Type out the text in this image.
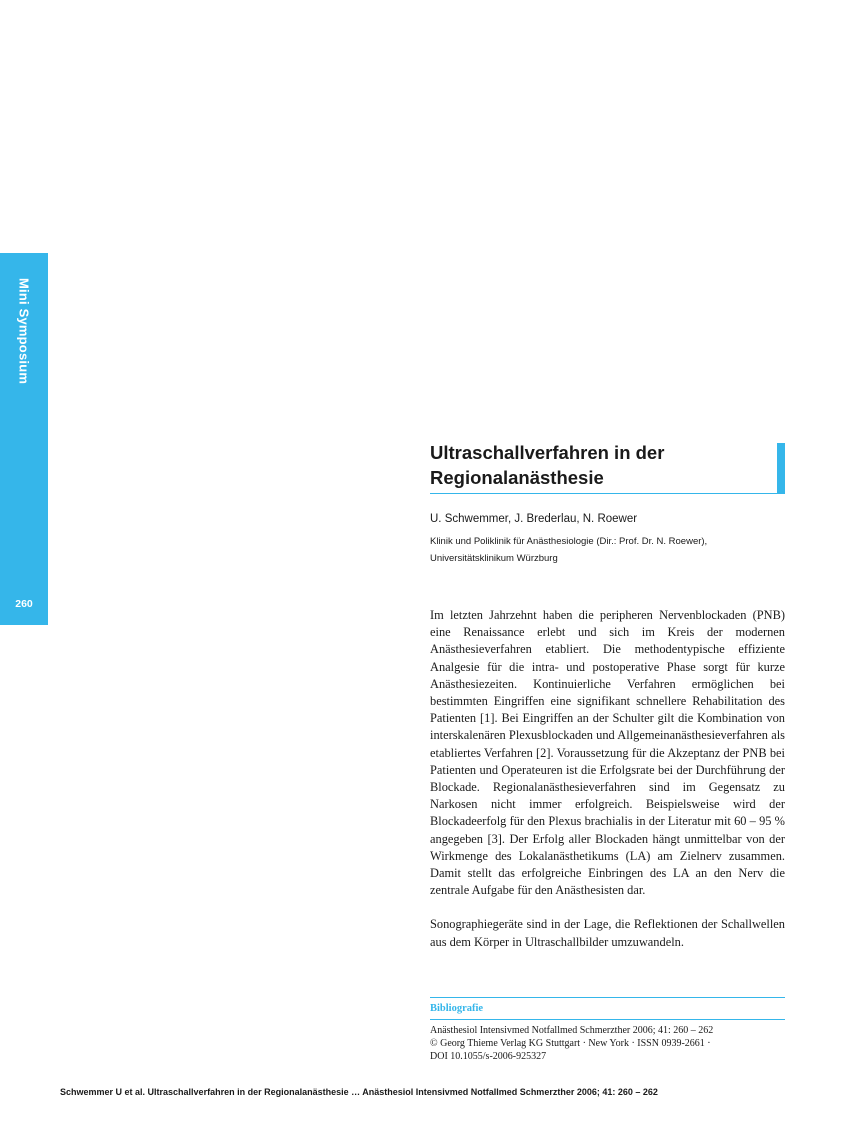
Mini Symposium
260
Ultraschallverfahren in der Regionalanästhesie
U. Schwemmer, J. Brederlau, N. Roewer
Klinik und Poliklinik für Anästhesiologie (Dir.: Prof. Dr. N. Roewer),
Universitätsklinikum Würzburg

Im letzten Jahrzehnt haben die peripheren Nervenblockaden (PNB) eine Renaissance erlebt und sich im Kreis der modernen Anästhesieverfahren etabliert. Die methodentypische effiziente Analgesie für die intra- und postoperative Phase sorgt für kurze Anästhesiezeiten. Kontinuierliche Verfahren ermöglichen bei bestimmten Eingriffen eine signifikant schnellere Rehabilitation des Patienten [1]. Bei Eingriffen an der Schulter gilt die Kombination von interskalenären Plexusblockaden und Allgemeinanästhesieverfahren als etabliertes Verfahren [2]. Voraussetzung für die Akzeptanz der PNB bei Patienten und Operateuren ist die Erfolgsrate bei der Durchführung der Blockade. Regionalanästhesieverfahren sind im Gegensatz zu Narkosen nicht immer erfolgreich. Beispielsweise wird der Blockadeerfolg für den Plexus brachialis in der Literatur mit 60 – 95 % angegeben [3]. Der Erfolg aller Blockaden hängt unmittelbar von der Wirkmenge des Lokalanästhetikums (LA) am Zielnerv zusammen. Damit stellt das erfolgreiche Einbringen des LA an den Nerv die zentrale Aufgabe für den Anästhesisten dar.

Sonographiegeräte sind in der Lage, die Reflektionen der Schallwellen aus dem Körper in Ultraschallbilder umzuwandeln.

Bibliografie
Anästhesiol Intensivmed Notfallmed Schmerzther 2006; 41: 260 – 262
© Georg Thieme Verlag KG Stuttgart · New York · ISSN 0939-2661 ·
DOI 10.1055/s-2006-925327
Schwemmer U et al. Ultraschallverfahren in der Regionalanästhesie … Anästhesiol Intensivmed Notfallmed Schmerzther 2006; 41: 260 – 262
